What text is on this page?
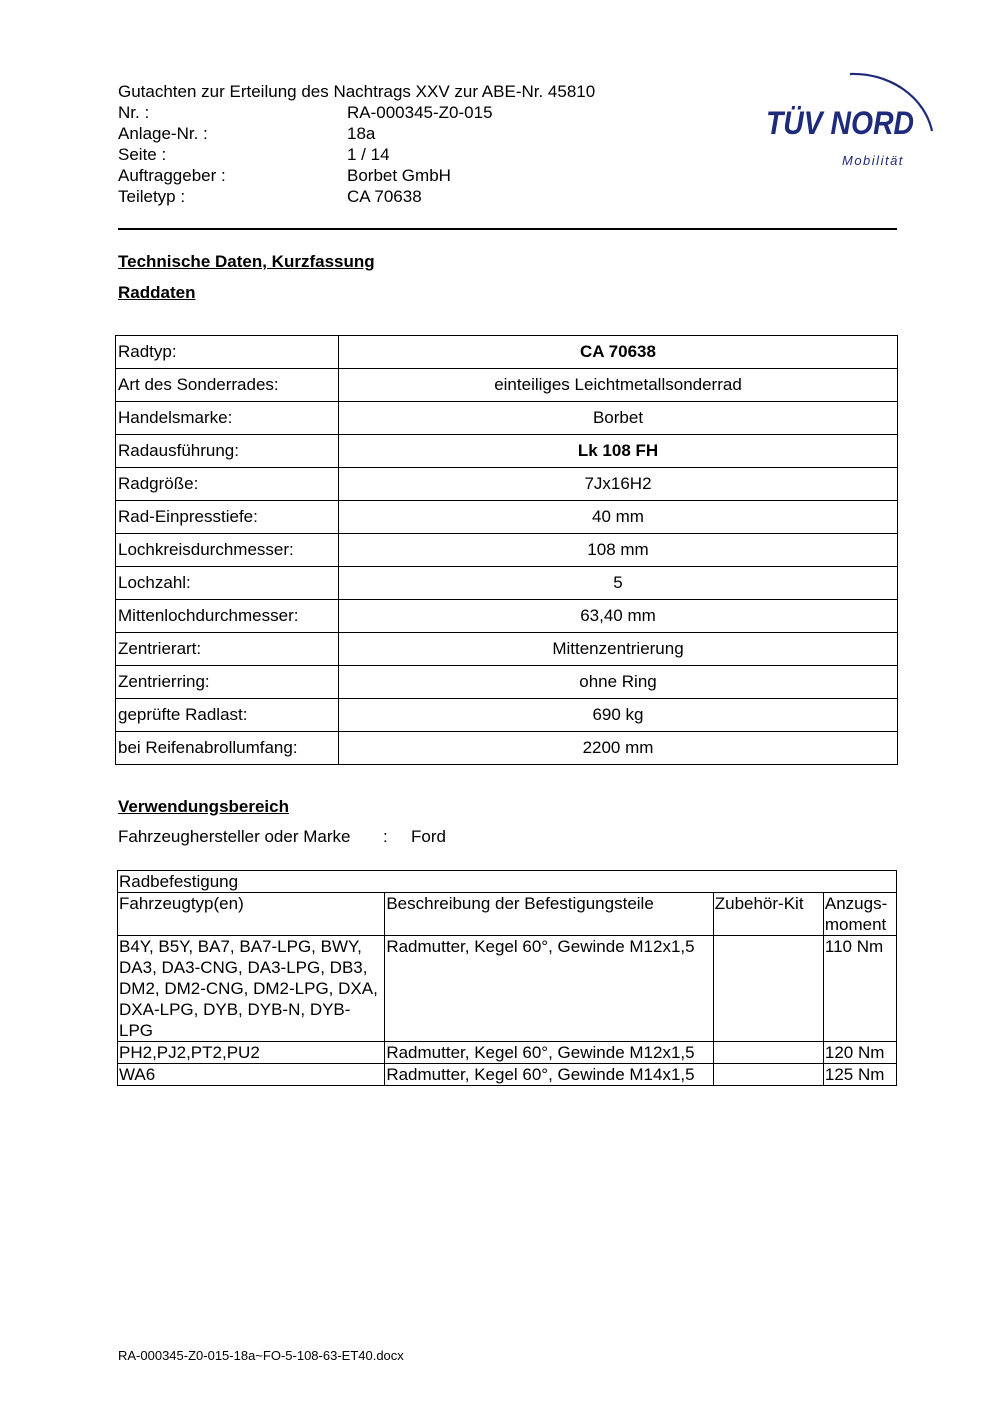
Gutachten zur Erteilung des Nachtrags XXV zur ABE-Nr. 45810
Nr. :	RA-000345-Z0-015
Anlage-Nr. :	18a
Seite :	1 / 14
Auftraggeber :	Borbet GmbH
Teiletyp :	CA 70638
TÜV NORD
Mobilität
Technische Daten, Kurzfassung
Raddaten
Radtyp:	CA 70638
Art des Sonderrades:	einteiliges Leichtmetallsonderrad
Handelsmarke:	Borbet
Radausführung:	Lk 108 FH
Radgröße:	7Jx16H2
Rad-Einpresstiefe:	40 mm
Lochkreisdurchmesser:	108 mm
Lochzahl:	5
Mittenlochdurchmesser:	63,40 mm
Zentrierart:	Mittenzentrierung
Zentrierring:	ohne Ring
geprüfte Radlast:	690 kg
bei Reifenabrollumfang:	2200 mm
Verwendungsbereich
Fahrzeughersteller oder Marke : Ford
Radbefestigung			
Fahrzeugtyp(en)	Beschreibung der Befestigungsteile	Zubehör-Kit	Anzugs-moment
B4Y, B5Y, BA7, BA7-LPG, BWY, DA3, DA3-CNG, DA3-LPG, DB3, DM2, DM2-CNG, DM2-LPG, DXA, DXA-LPG, DYB, DYB-N, DYB-LPG	Radmutter, Kegel 60°, Gewinde M12x1,5		110 Nm
PH2,PJ2,PT2,PU2	Radmutter, Kegel 60°, Gewinde M12x1,5		120 Nm
WA6	Radmutter, Kegel 60°, Gewinde M14x1,5		125 Nm
RA-000345-Z0-015-18a~FO-5-108-63-ET40.docx
